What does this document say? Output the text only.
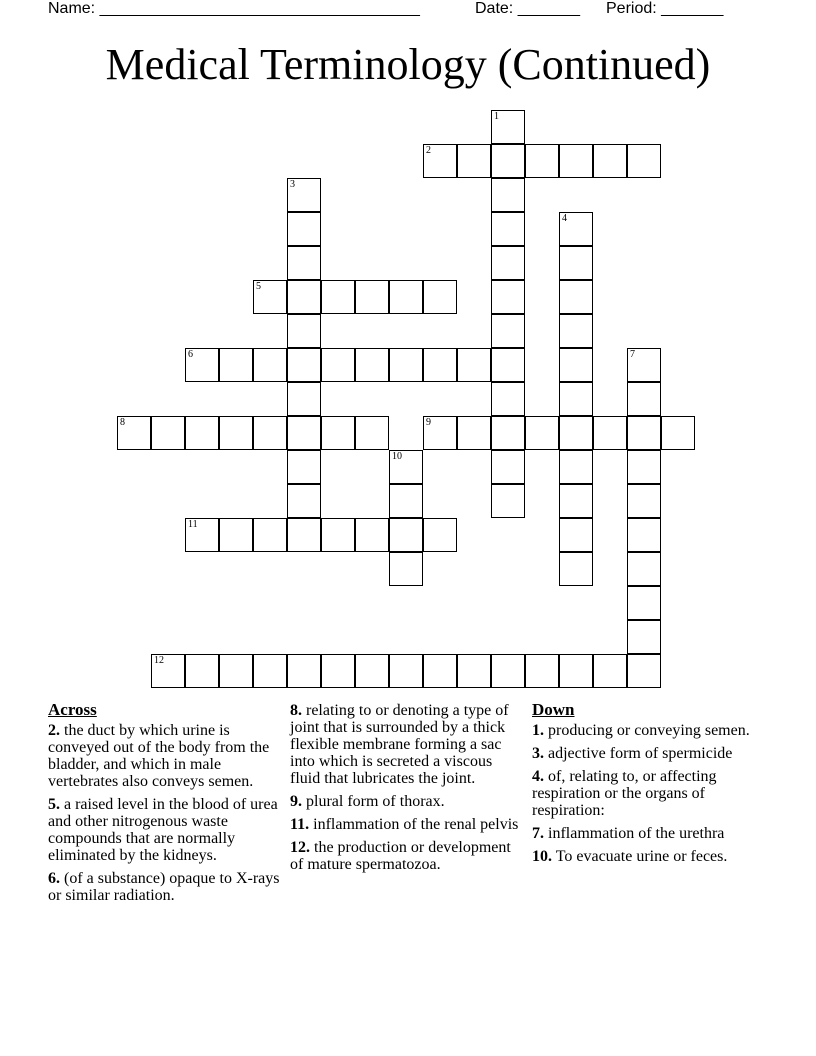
Name: ____________________________________	Date: _______ Period: _______
Medical Terminology (Continued)
1
2
3
4
5
6	7
8	9
10
11
12
Across
2. the duct by which urine is conveyed out of the body from the bladder, and which in male vertebrates also conveys semen.
5. a raised level in the blood of urea and other nitrogenous waste compounds that are normally eliminated by the kidneys.
6. (of a substance) opaque to X-rays or similar radiation.
8. relating to or denoting a type of joint that is surrounded by a thick flexible membrane forming a sac into which is secreted a viscous fluid that lubricates the joint.
9. plural form of thorax.
11. inflammation of the renal pelvis
12. the production or development of mature spermatozoa.
Down
1. producing or conveying semen.
3. adjective form of spermicide
4. of, relating to, or affecting respiration or the organs of respiration:
7. inflammation of the urethra
10. To evacuate urine or feces.
